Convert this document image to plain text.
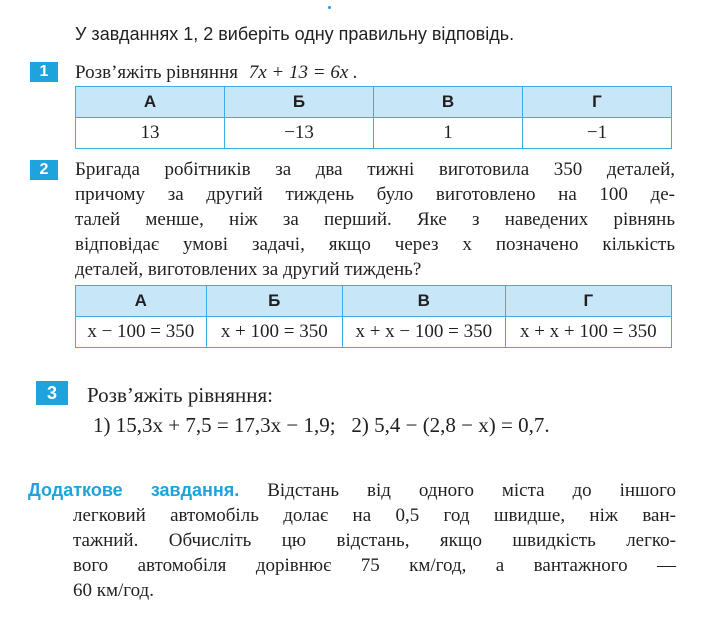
У завданнях 1, 2 виберіть одну правильну відповідь.
1	Розв’яжіть рівняння 7x + 13 = 6x .
А	Б	В	Г
13	−13	1	−1
2	Бригада робітників за два тижні виготовила 350 деталей,
причому за другий тиждень було виготовлено на 100 де-
талей менше, ніж за перший. Яке з наведених рівнянь
відповідає умові задачі, якщо через x позначено кількість
деталей, виготовлених за другий тиждень?
А	Б	В	Г
x − 100 = 350	x + 100 = 350	x + x − 100 = 350	x + x + 100 = 350
3	Розв’яжіть рівняння:
1) 15,3x + 7,5 = 17,3x − 1,9;   2) 5,4 − (2,8 − x) = 0,7.
Додаткове завдання. Відстань від одного міста до іншого
легковий автомобіль долає на 0,5 год швидше, ніж ван-
тажний. Обчисліть цю відстань, якщо швидкість легко-
вого автомобіля дорівнює 75 км/год, а вантажного —
60 км/год.
